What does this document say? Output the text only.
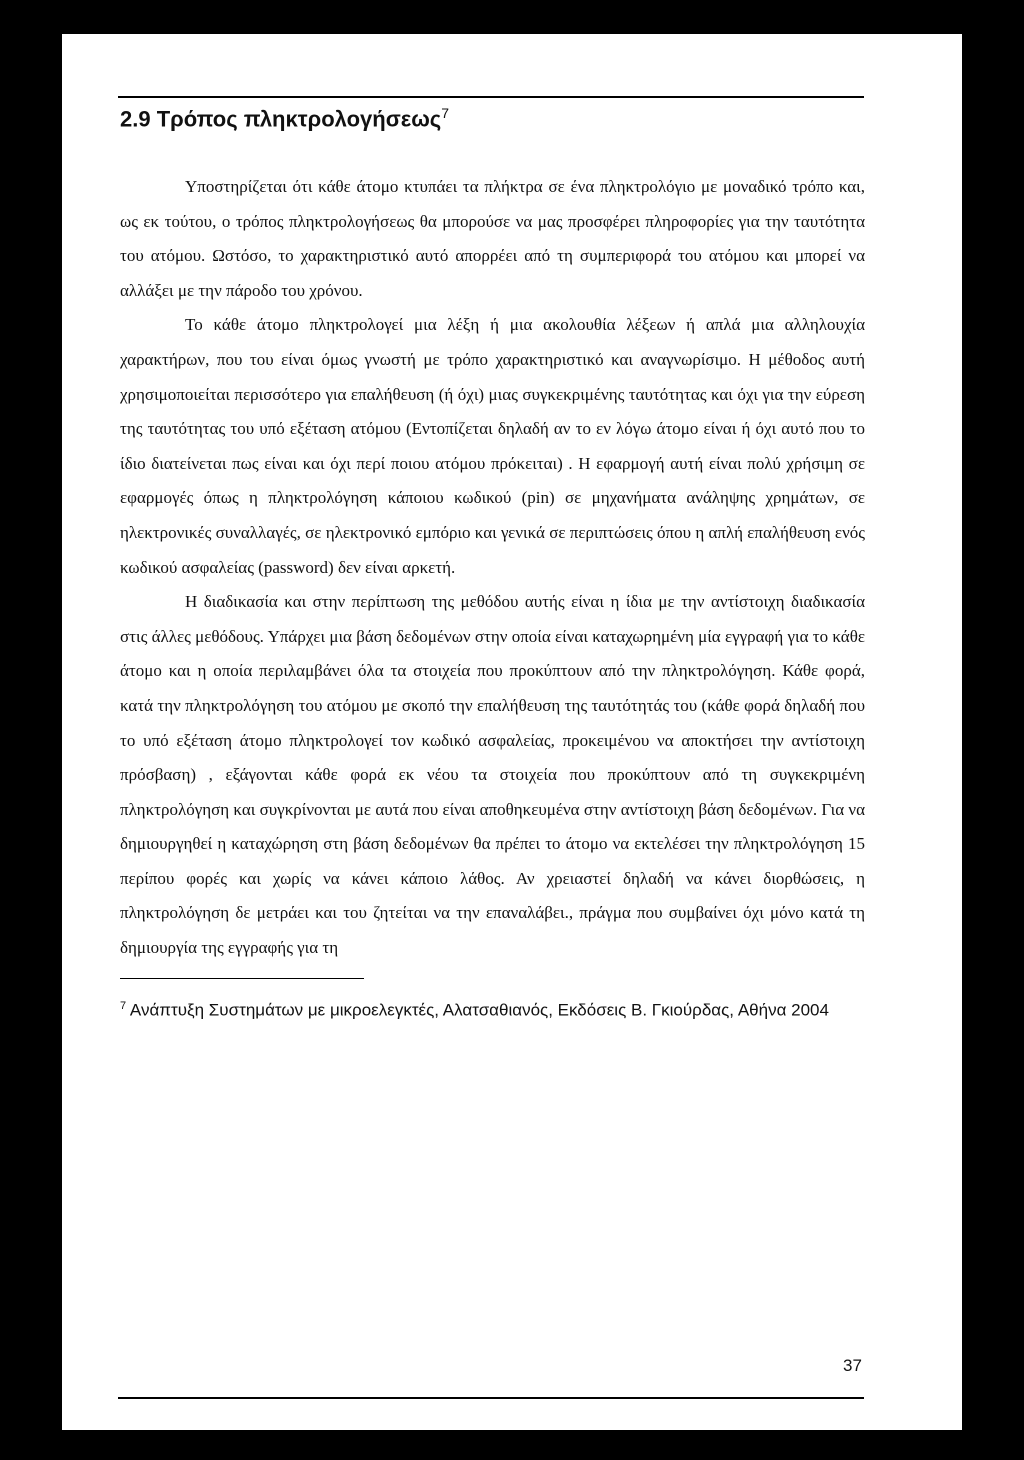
2.9 Τρόπος πληκτρολογήσεως$^7$

Υποστηρίζεται ότι κάθε άτομο κτυπάει τα πλήκτρα σε ένα πληκτρολόγιο με μοναδικό τρόπο και, ως εκ τούτου, ο τρόπος πληκτρολογήσεως θα μπορούσε να μας προσφέρει πληροφορίες για την ταυτότητα του ατόμου. Ωστόσο, το χαρακτηριστικό αυτό απορρέει από τη συμπεριφορά του ατόμου και μπορεί να αλλάξει με την πάροδο του χρόνου.

Το κάθε άτομο πληκτρολογεί μια λέξη ή μια ακολουθία λέξεων ή απλά μια αλληλουχία χαρακτήρων, που του είναι όμως γνωστή με τρόπο χαρακτηριστικό και αναγνωρίσιμο. Η μέθοδος αυτή χρησιμοποιείται περισσότερο για επαλήθευση (ή όχι) μιας συγκεκριμένης ταυτότητας και όχι για την εύρεση της ταυτότητας του υπό εξέταση ατόμου (Εντοπίζεται δηλαδή αν το εν λόγω άτομο είναι ή όχι αυτό που το ίδιο διατείνεται πως είναι και όχι περί ποιου ατόμου πρόκειται) . Η εφαρμογή αυτή είναι πολύ χρήσιμη σε εφαρμογές όπως η πληκτρολόγηση κάποιου κωδικού (pin) σε μηχανήματα ανάληψης χρημάτων, σε ηλεκτρονικές συναλλαγές, σε ηλεκτρονικό εμπόριο και γενικά σε περιπτώσεις όπου η απλή επαλήθευση ενός κωδικού ασφαλείας (password) δεν είναι αρκετή.

Η διαδικασία και στην περίπτωση της μεθόδου αυτής είναι η ίδια με την αντίστοιχη διαδικασία στις άλλες μεθόδους. Υπάρχει μια βάση δεδομένων στην οποία είναι καταχωρημένη μία εγγραφή για το κάθε άτομο και η οποία περιλαμβάνει όλα τα στοιχεία που προκύπτουν από την πληκτρολόγηση. Κάθε φορά, κατά την πληκτρολόγηση του ατόμου με σκοπό την επαλήθευση της ταυτότητάς του (κάθε φορά δηλαδή που το υπό εξέταση άτομο πληκτρολογεί τον κωδικό ασφαλείας, προκειμένου να αποκτήσει την αντίστοιχη πρόσβαση) , εξάγονται κάθε φορά εκ νέου τα στοιχεία που προκύπτουν από τη συγκεκριμένη πληκτρολόγηση και συγκρίνονται με αυτά που είναι αποθηκευμένα στην αντίστοιχη βάση δεδομένων. Για να δημιουργηθεί η καταχώρηση στη βάση δεδομένων θα πρέπει το άτομο να εκτελέσει την πληκτρολόγηση 15 περίπου φορές και χωρίς να κάνει κάποιο λάθος. Αν χρειαστεί δηλαδή να κάνει διορθώσεις, η πληκτρολόγηση δε μετράει και του ζητείται να την επαναλάβει., πράγμα που συμβαίνει όχι μόνο κατά τη δημιουργία της εγγραφής για τη

$^7$ Ανάπτυξη Συστημάτων με μικροελεγκτές, Αλατσαθιανός, Εκδόσεις Β. Γκιούρδας, Αθήνα 2004
37
